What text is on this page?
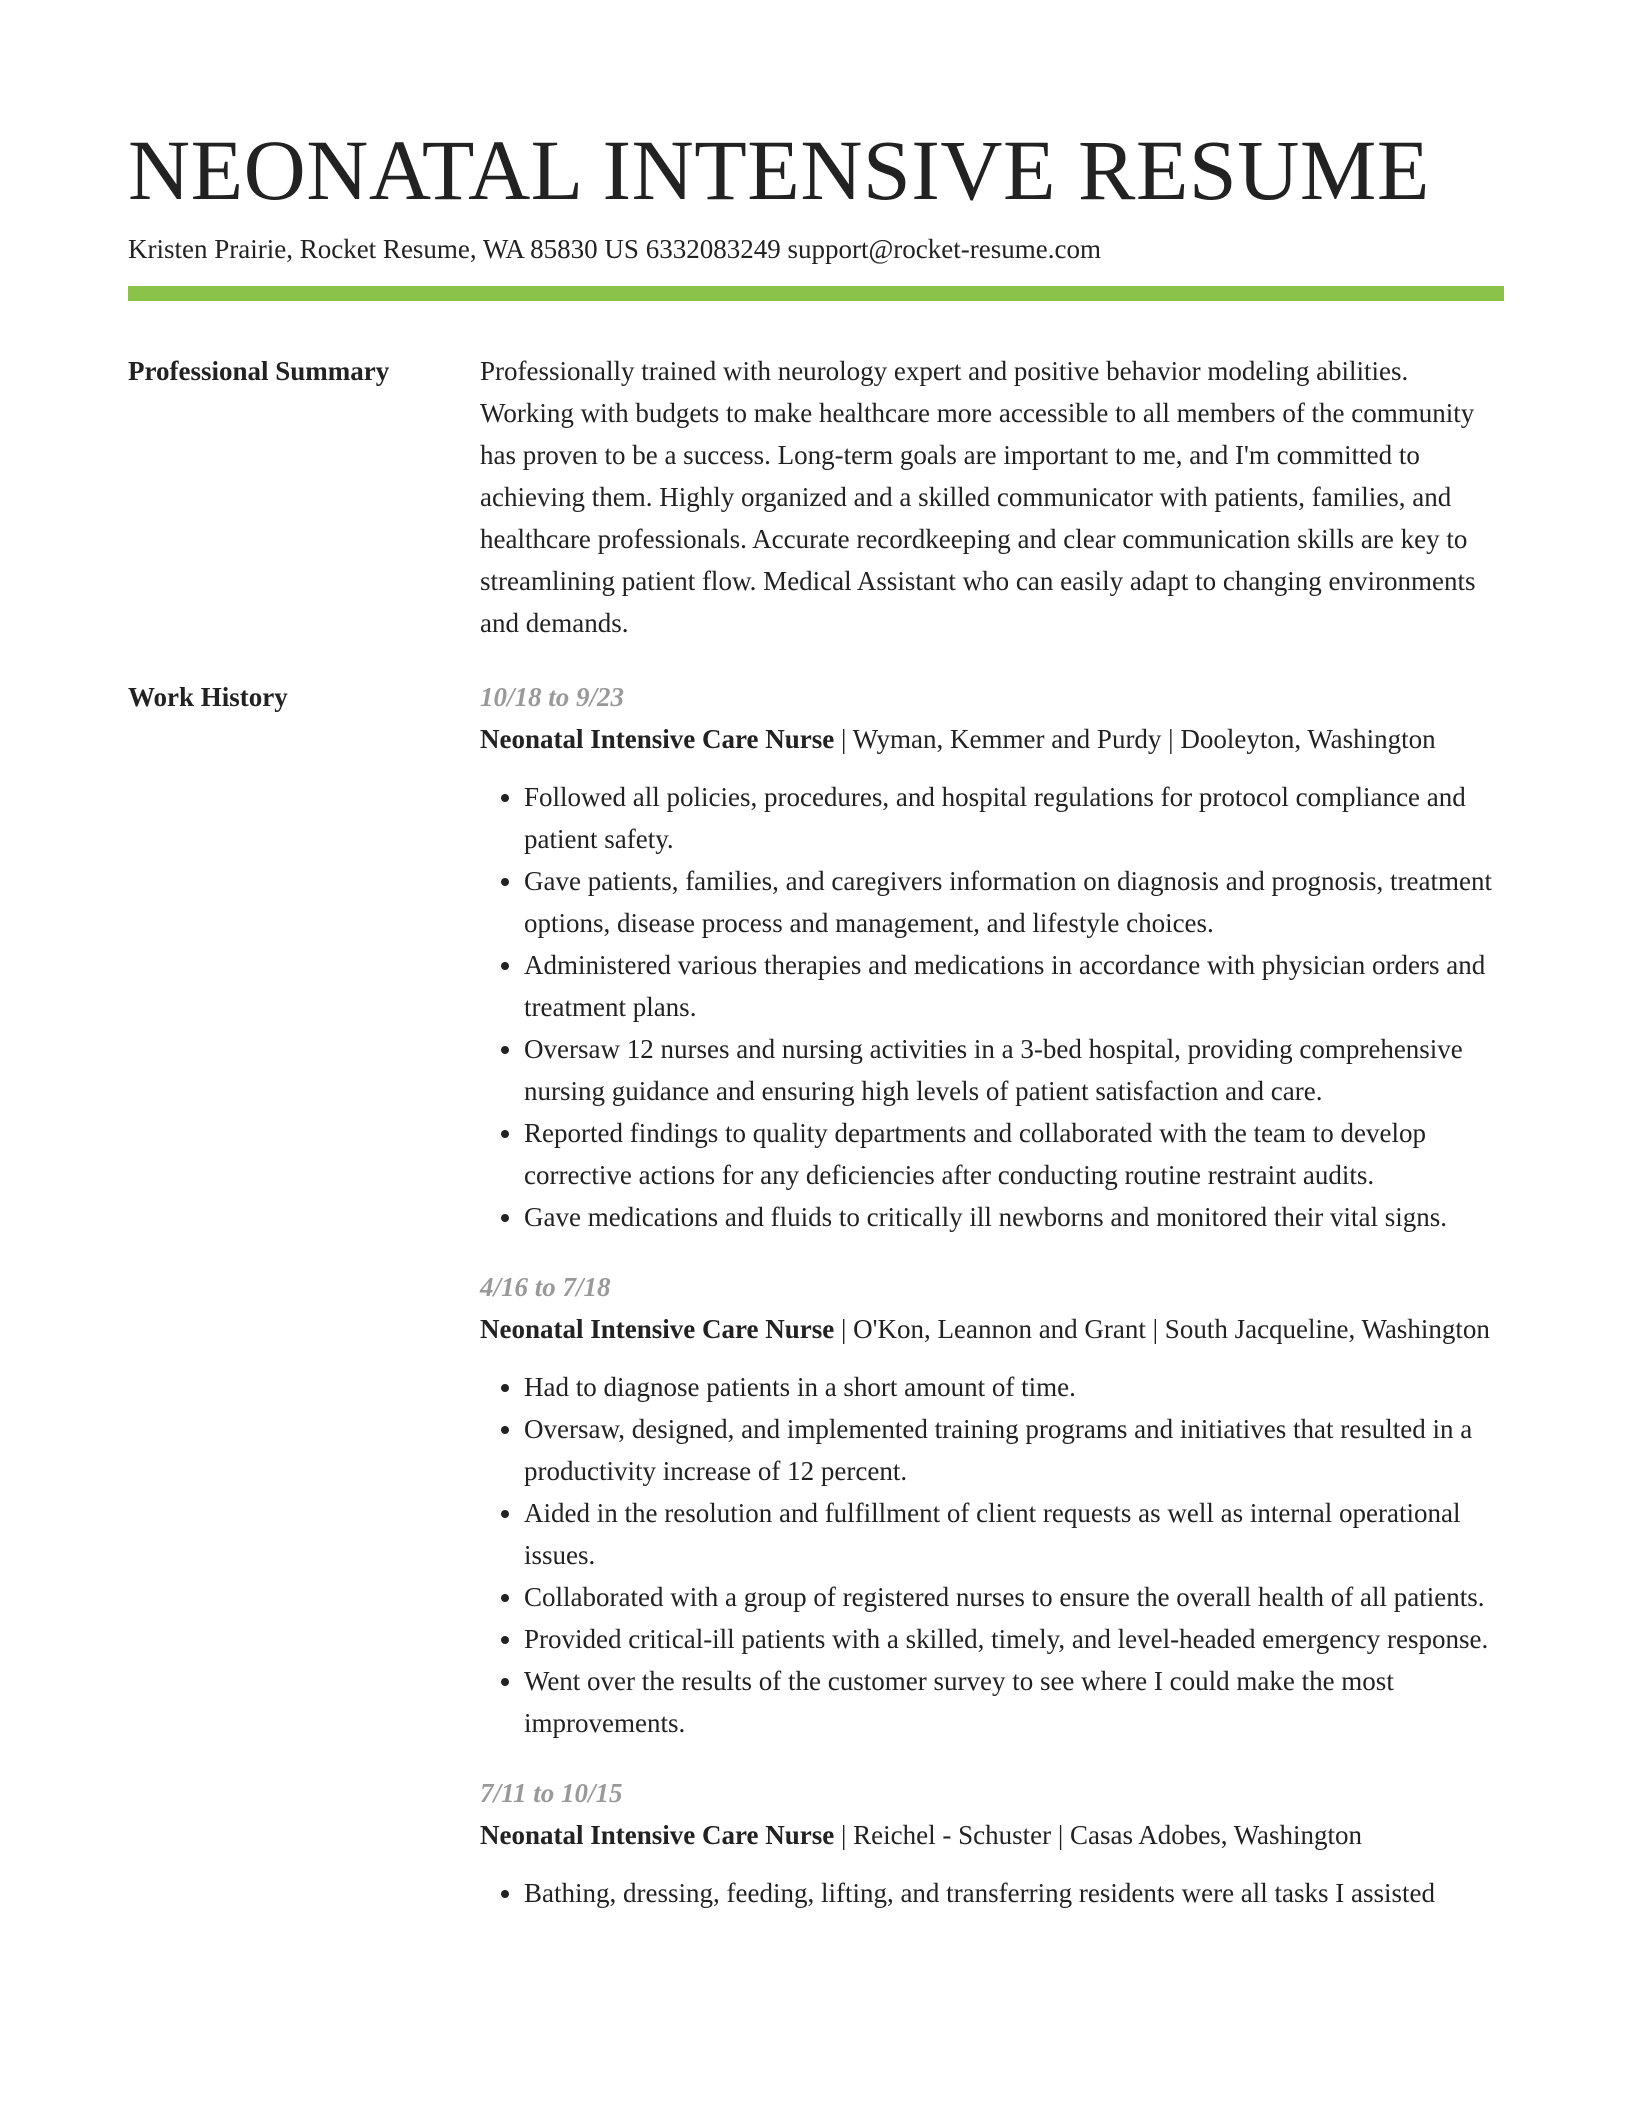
NEONATAL INTENSIVE RESUME
Kristen Prairie, Rocket Resume, WA 85830 US 6332083249 support@rocket-resume.com
Professional Summary	Professionally trained with neurology expert and positive behavior modeling abilities. Working with budgets to make healthcare more accessible to all members of the community has proven to be a success. Long-term goals are important to me, and I'm committed to achieving them. Highly organized and a skilled communicator with patients, families, and healthcare professionals. Accurate recordkeeping and clear communication skills are key to streamlining patient flow. Medical Assistant who can easily adapt to changing environments and demands.

Work History	10/18 to 9/23
Neonatal Intensive Care Nurse | Wyman, Kemmer and Purdy | Dooleyton, Washington
• Followed all policies, procedures, and hospital regulations for protocol compliance and patient safety.
• Gave patients, families, and caregivers information on diagnosis and prognosis, treatment options, disease process and management, and lifestyle choices.
• Administered various therapies and medications in accordance with physician orders and treatment plans.
• Oversaw 12 nurses and nursing activities in a 3-bed hospital, providing comprehensive nursing guidance and ensuring high levels of patient satisfaction and care.
• Reported findings to quality departments and collaborated with the team to develop corrective actions for any deficiencies after conducting routine restraint audits.
• Gave medications and fluids to critically ill newborns and monitored their vital signs.
4/16 to 7/18
Neonatal Intensive Care Nurse | O'Kon, Leannon and Grant | South Jacqueline, Washington
• Had to diagnose patients in a short amount of time.
• Oversaw, designed, and implemented training programs and initiatives that resulted in a productivity increase of 12 percent.
• Aided in the resolution and fulfillment of client requests as well as internal operational issues.
• Collaborated with a group of registered nurses to ensure the overall health of all patients.
• Provided critical-ill patients with a skilled, timely, and level-headed emergency response.
• Went over the results of the customer survey to see where I could make the most improvements.
7/11 to 10/15
Neonatal Intensive Care Nurse | Reichel - Schuster | Casas Adobes, Washington
• Bathing, dressing, feeding, lifting, and transferring residents were all tasks I assisted
